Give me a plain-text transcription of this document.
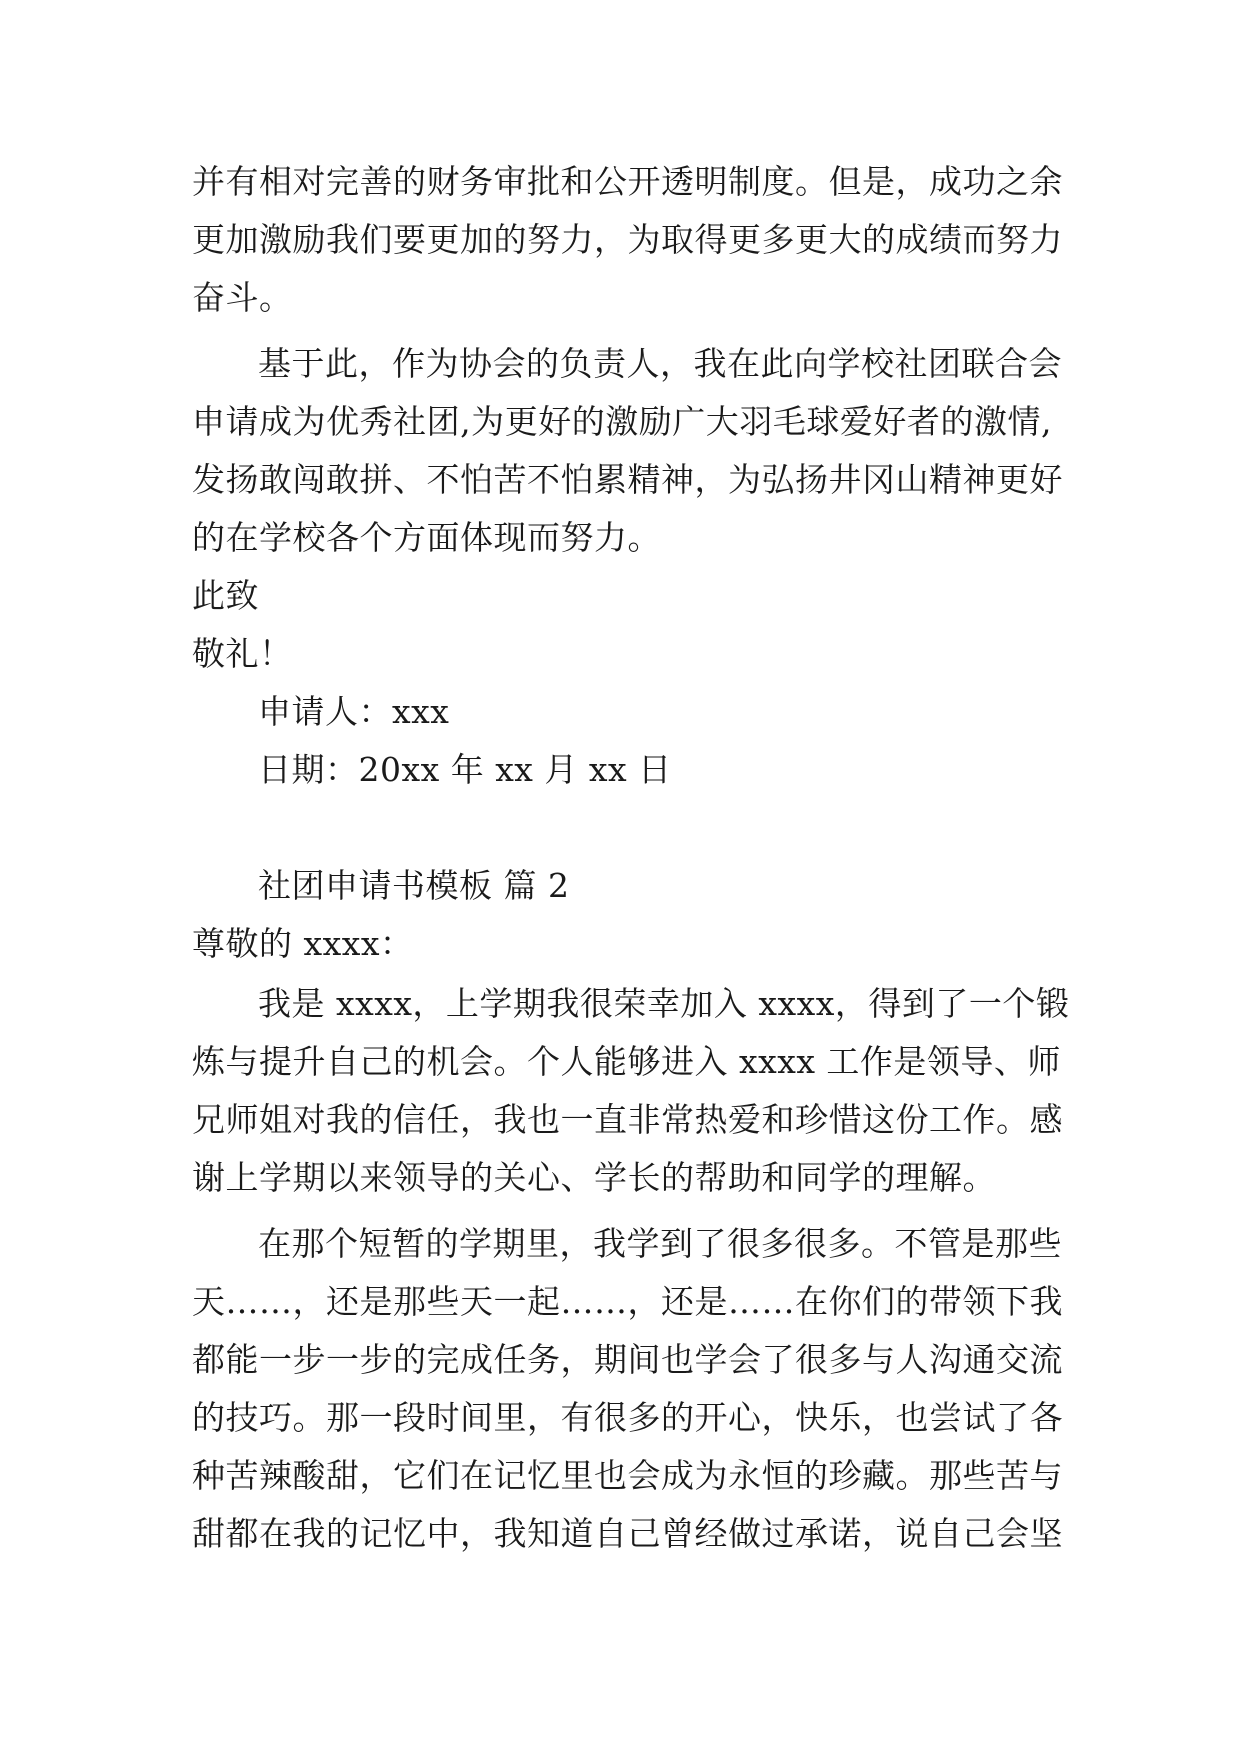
并有相对完善的财务审批和公开透明制度。但是，成功之余
更加激励我们要更加的努力，为取得更多更大的成绩而努力
奋斗。
基于此，作为协会的负责人，我在此向学校社团联合会
申请成为优秀社团,为更好的激励广大羽毛球爱好者的激情,
发扬敢闯敢拼、不怕苦不怕累精神，为弘扬井冈山精神更好
的在学校各个方面体现而努力。
此致
敬礼！
申请人：xxx
日期：20xx 年 xx 月 xx 日
社团申请书模板 篇 2
尊敬的 xxxx：
我是 xxxx，上学期我很荣幸加入 xxxx，得到了一个锻
炼与提升自己的机会。个人能够进入 xxxx 工作是领导、师
兄师姐对我的信任，我也一直非常热爱和珍惜这份工作。感
谢上学期以来领导的关心、学长的帮助和同学的理解。
在那个短暂的学期里，我学到了很多很多。不管是那些
天……，还是那些天一起……，还是……在你们的带领下我
都能一步一步的完成任务，期间也学会了很多与人沟通交流
的技巧。那一段时间里，有很多的开心，快乐，也尝试了各
种苦辣酸甜，它们在记忆里也会成为永恒的珍藏。那些苦与
甜都在我的记忆中，我知道自己曾经做过承诺，说自己会坚
